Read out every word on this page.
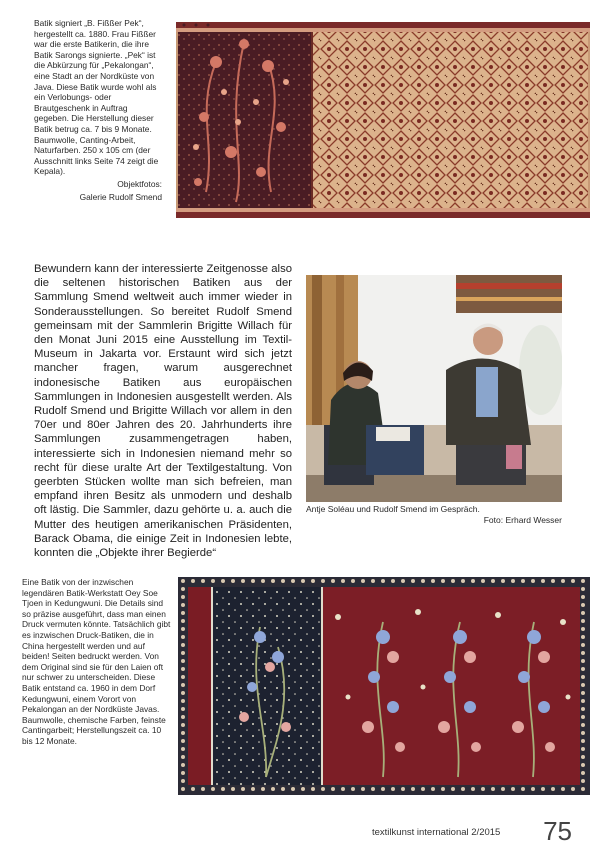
Batik signiert „B. Fißßer Pek“, hergestellt ca. 1880. Frau Fißßer war die erste Batikerin, die ihre Batik Sarongs signierte. „Pek“ ist die Abkürzung für „Pekalongan“, eine Stadt an der Nordküste von Java. Diese Batik wurde wohl als ein Verlobungs- oder Brautgeschenk in Auftrag gegeben. Die Herstellung dieser Batik betrug ca. 7 bis 9 Monate. Baumwolle, Canting-Arbeit, Naturfarben. 250 x 105 cm (der Ausschnitt links Seite 74 zeigt die Kepala).

Objektfotos:

Galerie Rudolf Smend

Bewundern kann der interessierte Zeitgenosse also die seltenen historischen Batiken aus der Sammlung Smend weltweit auch immer wieder in Sonderausstellungen. So bereitet Rudolf Smend gemeinsam mit der Sammlerin Brigitte Willach für den Monat Juni 2015 eine Ausstellung im Textil-Museum in Jakarta vor. Erstaunt wird sich jetzt mancher fragen, warum ausgerechnet indonesische Batiken aus europäischen Sammlungen in Indonesien ausgestellt werden. Als Rudolf Smend und Brigitte Willach vor allem in den 70er und 80er Jahren des 20. Jahrhunderts ihre Sammlungen zusammengetragen haben, interessierte sich in Indonesien niemand mehr so recht für diese uralte Art der Textilgestaltung. Von geerbten Stücken wollte man sich befreien, man empfand ihren Besitz als unmodern und deshalb oft lästig. Die Sammler, dazu gehörte u. a. auch die Mutter des heutigen amerikanischen Präsidenten, Barack Obama, die einige Zeit in Indonesien lebte, konnten die „Objekte ihrer Begierde“
Antje Soléau und Rudolf Smend im Gespräch.
Foto: Erhard Wesser

Eine Batik von der inzwischen legendären Batik-Werkstatt Oey Soe Tjoen in Kedungwuni. Die Details sind so präzise ausgeführt, dass man einen Druck vermuten könnte. Tatsächlich gibt es inzwischen Druck-Batiken, die in China hergestellt werden und auf beiden! Seiten bedruckt werden. Von dem Original sind sie für den Laien oft nur schwer zu unterscheiden. Diese Batik entstand ca. 1960 in dem Dorf Kedungwuni, einem Vorort von Pekalongan an der Nordküste Javas. Baumwolle, chemische Farben, feinste Cantingarbeit; Herstellungszeit ca. 10 bis 12 Monate.

textilkunst international 2/2015 75
